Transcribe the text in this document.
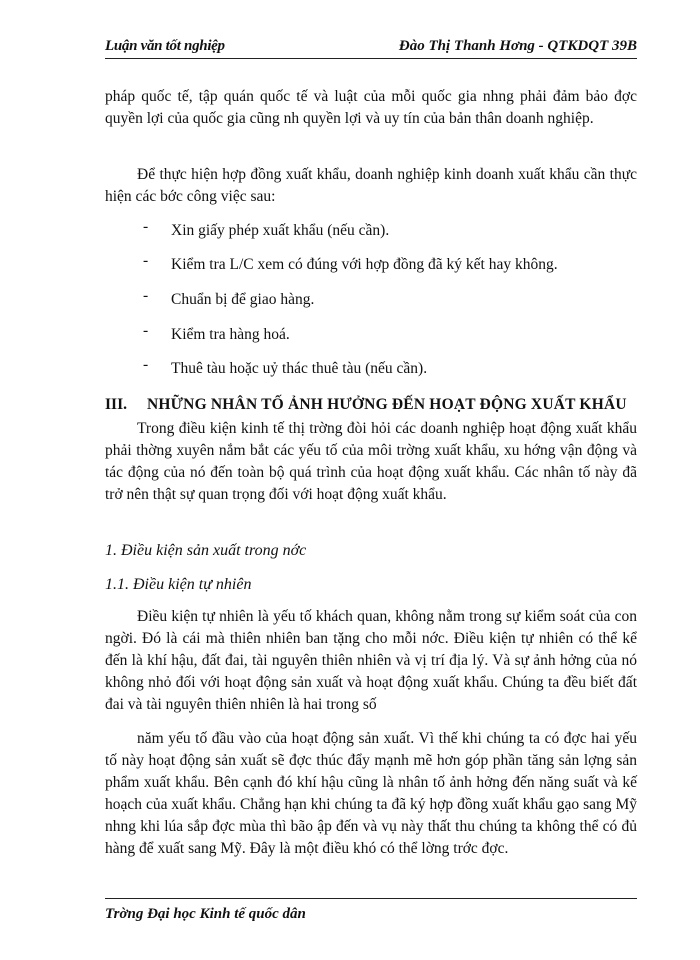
Luận văn tốt nghiệp	Đào Thị Thanh Hơng - QTKDQT 39B

pháp quốc tế, tập quán quốc tế và luật của mỗi quốc gia nhng phải đảm bảo đợc quyền lợi của quốc gia cũng nh quyền lợi và uy tín của bản thân doanh nghiệp.

Để thực hiện hợp đồng xuất khẩu, doanh nghiệp kinh doanh xuất khẩu cần thực hiện các bớc công việc sau:

- Xin giấy phép xuất khẩu (nếu cần).
- Kiểm tra L/C xem có đúng với hợp đồng đã ký kết hay không.
- Chuẩn bị để giao hàng.
- Kiểm tra hàng hoá.
- Thuê tàu hoặc uỷ thác thuê tàu (nếu cần).
III. NHỮNG NHÂN TỐ ẢNH HƯỞNG ĐẾN HOẠT ĐỘNG XUẤT KHẨU

Trong điều kiện kinh tế thị trờng đòi hỏi các doanh nghiệp hoạt động xuất khẩu phải thờng xuyên nắm bắt các yếu tố của môi trờng xuất khẩu, xu hớng vận động và tác động của nó đến toàn bộ quá trình của hoạt động xuất khẩu. Các nhân tố này đã trở nên thật sự quan trọng đối với hoạt động xuất khẩu.

1. Điều kiện sản xuất trong nớc
1.1. Điều kiện tự nhiên

Điều kiện tự nhiên là yếu tố khách quan, không nằm trong sự kiểm soát của con ngời. Đó là cái mà thiên nhiên ban tặng cho mỗi nớc. Điều kiện tự nhiên có thể kể đến là khí hậu, đất đai, tài nguyên thiên nhiên và vị trí địa lý. Và sự ảnh hởng của nó không nhỏ đối với hoạt động sản xuất và hoạt động xuất khẩu. Chúng ta đều biết đất đai và tài nguyên thiên nhiên là hai trong số

năm yếu tố đầu vào của hoạt động sản xuất. Vì thế khi chúng ta có đợc hai yếu tố này hoạt động sản xuất sẽ đợc thúc đẩy mạnh mẽ hơn góp phần tăng sản lợng sản phẩm xuất khẩu. Bên cạnh đó khí hậu cũng là nhân tố ảnh hởng đến năng suất và kế hoạch của xuất khẩu. Chẳng hạn khi chúng ta đã ký hợp đồng xuất khẩu gạo sang Mỹ nhng khi lúa sắp đợc mùa thì bão ập đến và vụ này thất thu chúng ta không thể có đủ hàng để xuất sang Mỹ. Đây là một điều khó có thể lờng trớc đợc.

Trờng Đại học Kinh tế quốc dân
